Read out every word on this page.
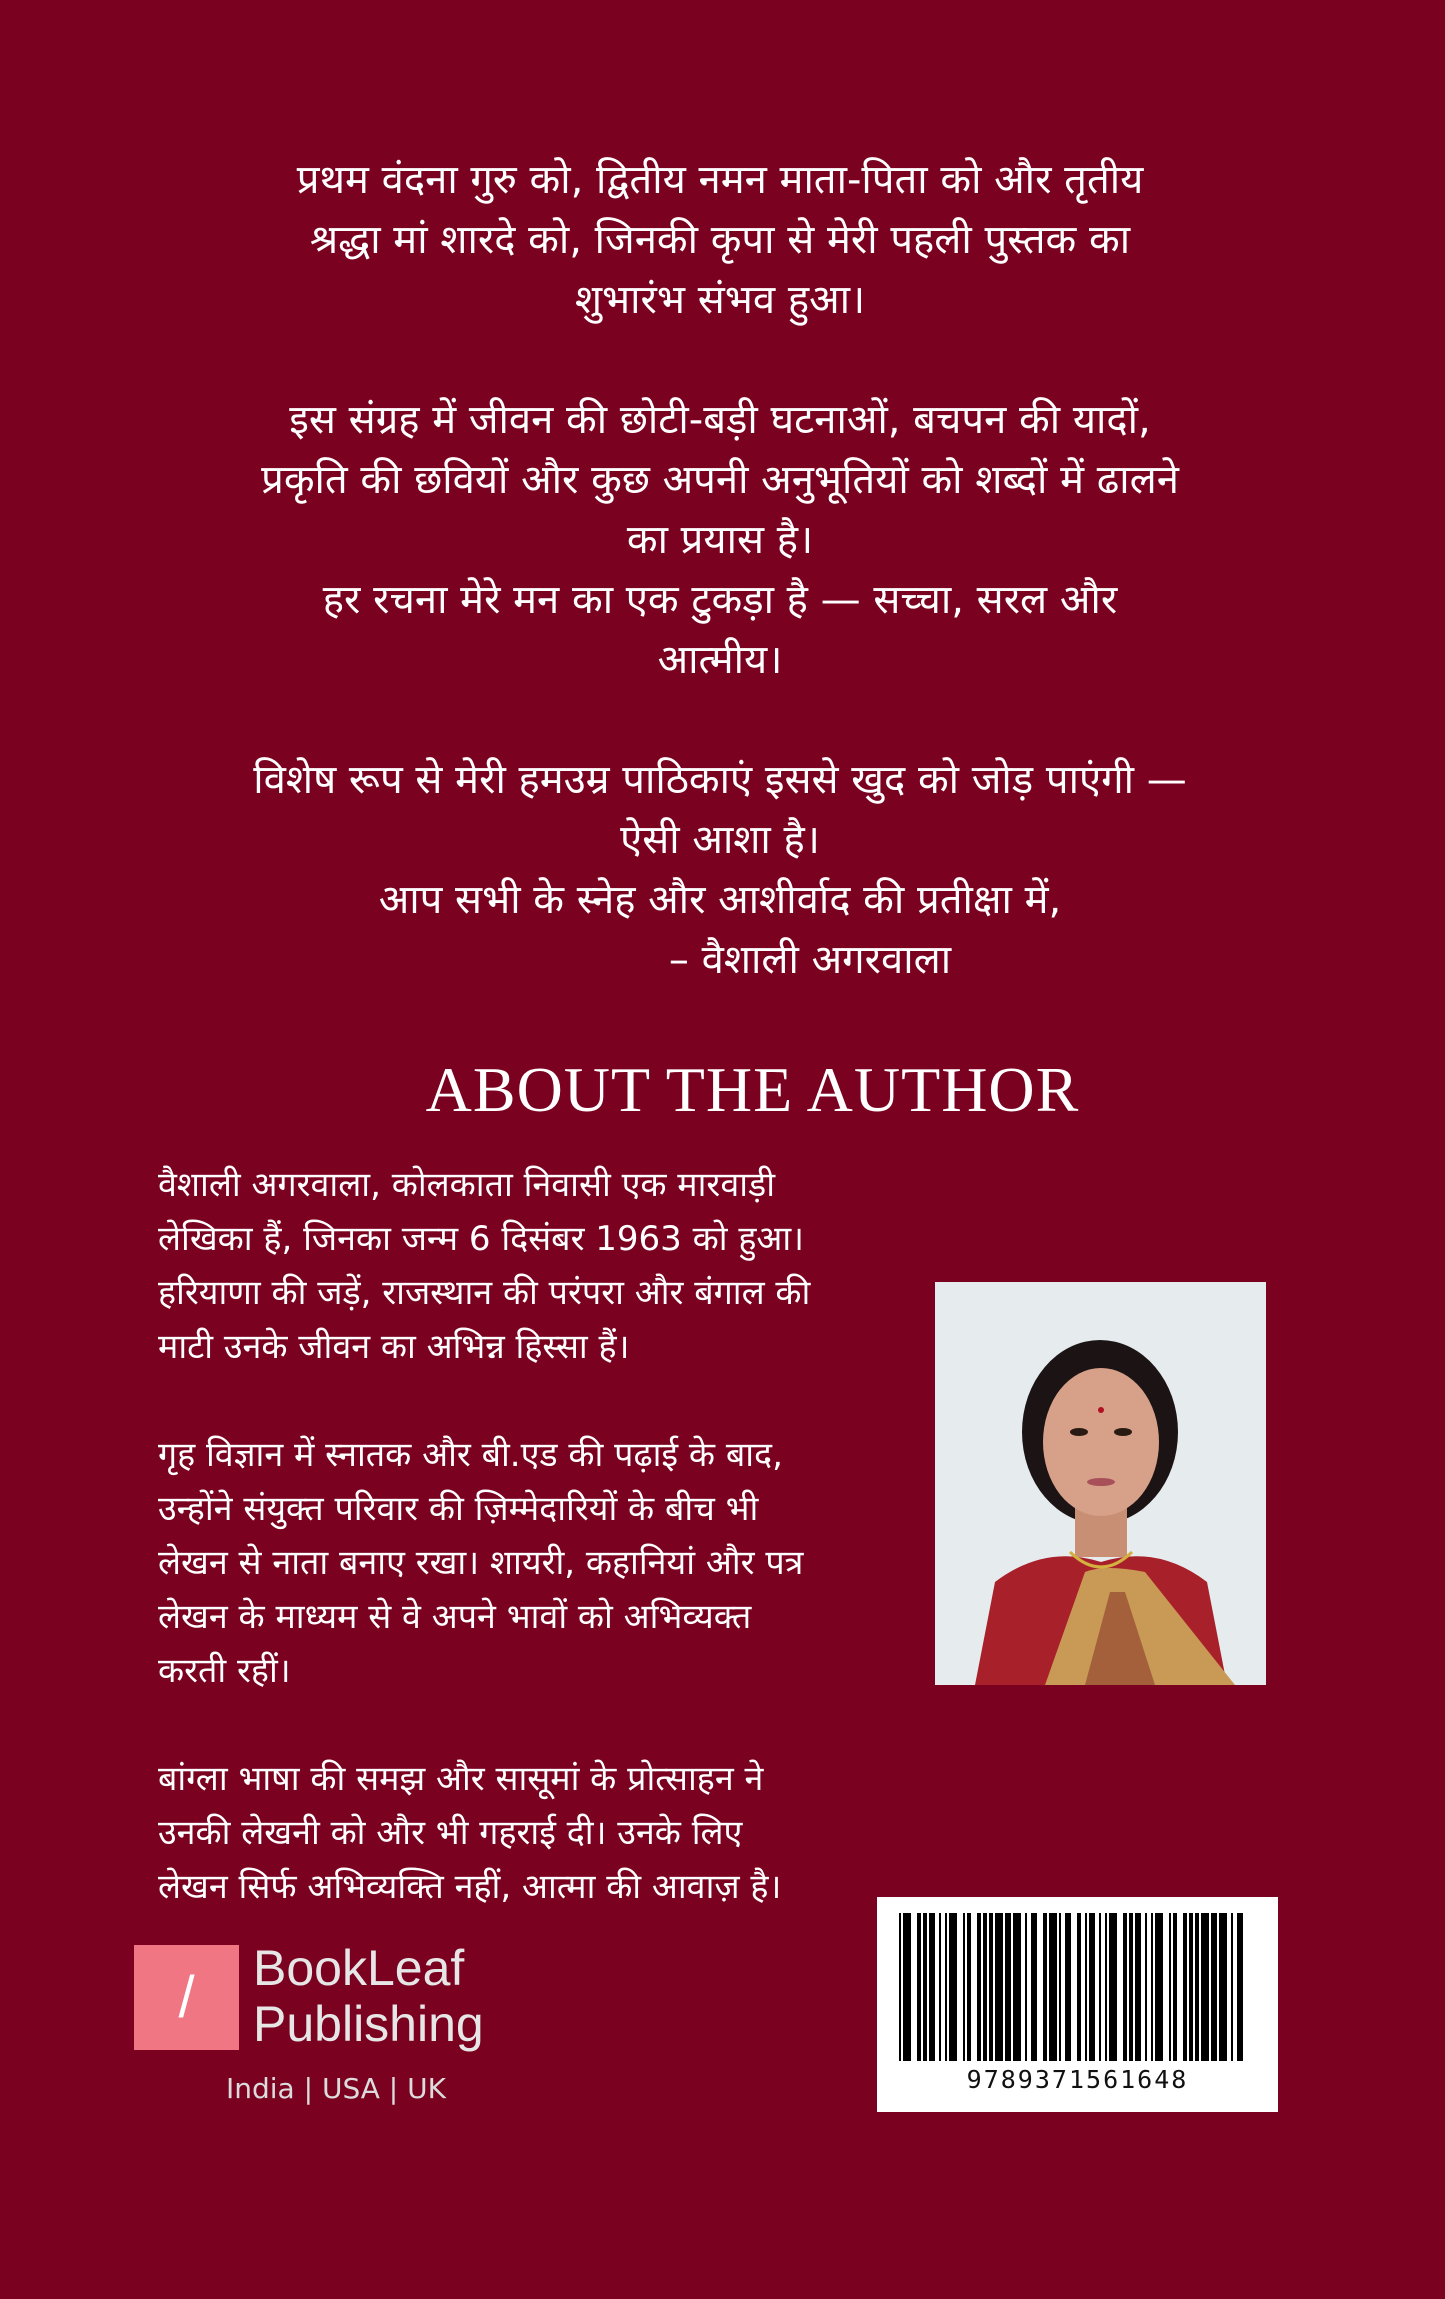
प्रथम वंदना गुरु को, द्वितीय नमन माता-पिता को और तृतीय
श्रद्धा मां शारदे को, जिनकी कृपा से मेरी पहली पुस्तक का
शुभारंभ संभव हुआ।

इस संग्रह में जीवन की छोटी-बड़ी घटनाओं, बचपन की यादों,
प्रकृति की छवियों और कुछ अपनी अनुभूतियों को शब्दों में ढालने
का प्रयास है।
हर रचना मेरे मन का एक टुकड़ा है — सच्चा, सरल और
आत्मीय।

विशेष रूप से मेरी हमउम्र पाठिकाएं इससे खुद को जोड़ पाएंगी —
ऐसी आशा है।
आप सभी के स्नेह और आशीर्वाद की प्रतीक्षा में,
– वैशाली अगरवाला

ABOUT THE AUTHOR

वैशाली अगरवाला, कोलकाता निवासी एक मारवाड़ी
लेखिका हैं, जिनका जन्म 6 दिसंबर 1963 को हुआ।
हरियाणा की जड़ें, राजस्थान की परंपरा और बंगाल की
माटी उनके जीवन का अभिन्न हिस्सा हैं।

गृह विज्ञान में स्नातक और बी.एड की पढ़ाई के बाद,
उन्होंने संयुक्त परिवार की ज़िम्मेदारियों के बीच भी
लेखन से नाता बनाए रखा। शायरी, कहानियां और पत्र
लेखन के माध्यम से वे अपने भावों को अभिव्यक्त
करती रहीं।

बांग्ला भाषा की समझ और सासूमां के प्रोत्साहन ने
उनकी लेखनी को और भी गहराई दी। उनके लिए
लेखन सिर्फ अभिव्यक्ति नहीं, आत्मा की आवाज़ है।

/	BookLeaf
Publishing
India | USA | UK	9789371561648
